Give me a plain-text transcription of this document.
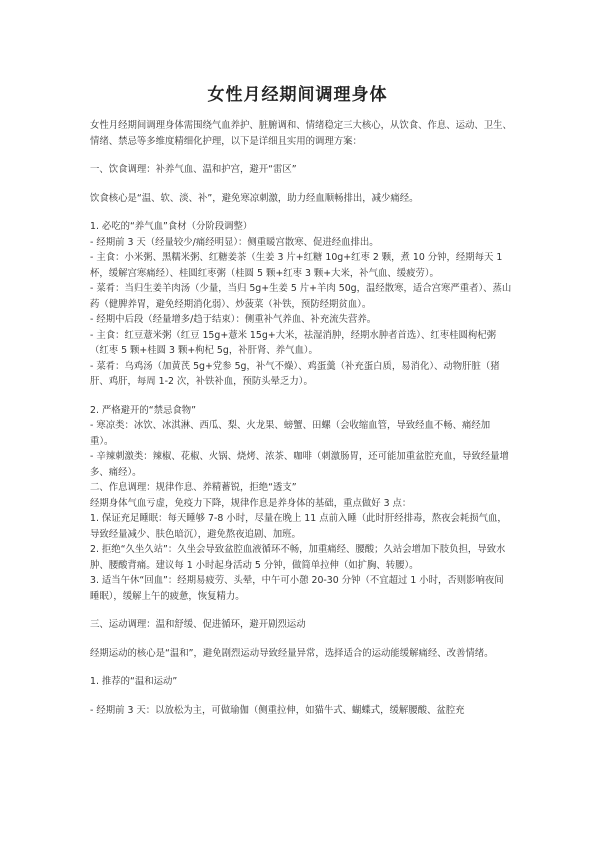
女性月经期间调理身体

女性月经期间调理身体需围绕气血养护、脏腑调和、情绪稳定三大核心，从饮食、作息、运动、卫生、情绪、禁忌等多维度精细化护理，以下是详细且实用的调理方案：

一、饮食调理：补养气血、温和护宫，避开“雷区”

饮食核心是“温、软、淡、补”，避免寒凉刺激，助力经血顺畅排出，减少痛经。

1. 必吃的“养气血”食材（分阶段调整）

- 经期前 3 天（经量较少/痛经明显）：侧重暖宫散寒、促进经血排出。

- 主食：小米粥、黑糯米粥、红糖姜茶（生姜 3 片+红糖 10g+红枣 2 颗，煮 10 分钟，经期每天 1 杯，缓解宫寒痛经）、桂圆红枣粥（桂圆 5 颗+红枣 3 颗+大米，补气血、缓疲劳）。

- 菜肴：当归生姜羊肉汤（少量，当归 5g+生姜 5 片+羊肉 50g，温经散寒，适合宫寒严重者）、蒸山药（健脾养胃，避免经期消化弱）、炒菠菜（补铁，预防经期贫血）。

- 经期中后段（经量增多/趋于结束）：侧重补气养血、补充流失营养。

- 主食：红豆薏米粥（红豆 15g+薏米 15g+大米，祛湿消肿，经期水肿者首选）、红枣桂圆枸杞粥（红枣 5 颗+桂圆 3 颗+枸杞 5g，补肝肾、养气血）。

- 菜肴：乌鸡汤（加黄芪 5g+党参 5g，补气不燥）、鸡蛋羹（补充蛋白质，易消化）、动物肝脏（猪肝、鸡肝，每周 1-2 次，补铁补血，预防头晕乏力）。

2. 严格避开的“禁忌食物”

- 寒凉类：冰饮、冰淇淋、西瓜、梨、火龙果、螃蟹、田螺（会收缩血管，导致经血不畅、痛经加重）。

- 辛辣刺激类：辣椒、花椒、火锅、烧烤、浓茶、咖啡（刺激肠胃，还可能加重盆腔充血，导致经量增多、痛经）。

二、作息调理：规律作息、养精蓄锐，拒绝“透支”

经期身体气血亏虚，免疫力下降，规律作息是养身体的基础，重点做好 3 点：

1. 保证充足睡眠：每天睡够 7-8 小时，尽量在晚上 11 点前入睡（此时肝经排毒，熬夜会耗损气血，导致经量减少、肤色暗沉），避免熬夜追剧、加班。

2. 拒绝“久坐久站”：久坐会导致盆腔血液循环不畅，加重痛经、腰酸；久站会增加下肢负担，导致水肿、腰酸背痛。建议每 1 小时起身活动 5 分钟，做简单拉伸（如扩胸、转腰）。

3. 适当午休“回血”：经期易疲劳、头晕，中午可小憩 20-30 分钟（不宜超过 1 小时，否则影响夜间睡眠），缓解上午的疲惫，恢复精力。

三、运动调理：温和舒缓、促进循环，避开剧烈运动

经期运动的核心是“温和”，避免剧烈运动导致经量异常，选择适合的运动能缓解痛经、改善情绪。

1. 推荐的“温和运动”

- 经期前 3 天：以放松为主，可做瑜伽（侧重拉伸，如猫牛式、蝴蝶式，缓解腰酸、盆腔充
